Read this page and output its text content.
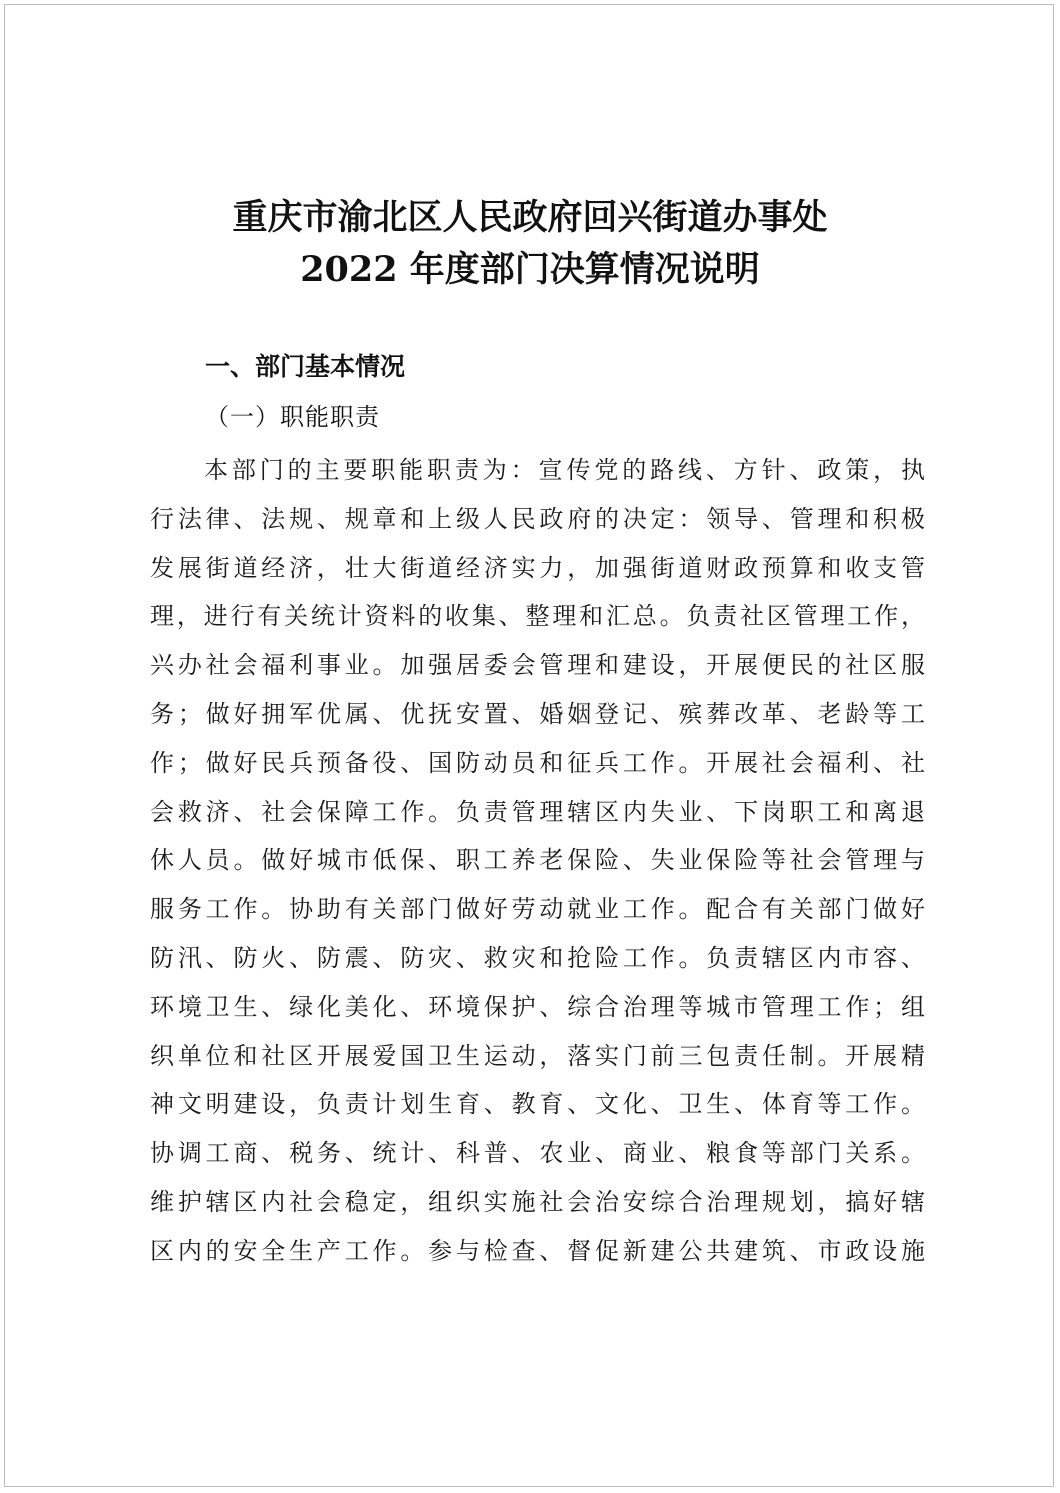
重庆市渝北区人民政府回兴街道办事处
2022 年度部门决算情况说明
一、部门基本情况
（一）职能职责
本部门的主要职能职责为：宣传党的路线、方针、政策，执
行法律、法规、规章和上级人民政府的决定：领导、管理和积极
发展街道经济，壮大街道经济实力，加强街道财政预算和收支管
理，进行有关统计资料的收集、整理和汇总。负责社区管理工作，
兴办社会福利事业。加强居委会管理和建设，开展便民的社区服
务；做好拥军优属、优抚安置、婚姻登记、殡葬改革、老龄等工
作；做好民兵预备役、国防动员和征兵工作。开展社会福利、社
会救济、社会保障工作。负责管理辖区内失业、下岗职工和离退
休人员。做好城市低保、职工养老保险、失业保险等社会管理与
服务工作。协助有关部门做好劳动就业工作。配合有关部门做好
防汛、防火、防震、防灾、救灾和抢险工作。负责辖区内市容、
环境卫生、绿化美化、环境保护、综合治理等城市管理工作；组
织单位和社区开展爱国卫生运动，落实门前三包责任制。开展精
神文明建设，负责计划生育、教育、文化、卫生、体育等工作。
协调工商、税务、统计、科普、农业、商业、粮食等部门关系。
维护辖区内社会稳定，组织实施社会治安综合治理规划，搞好辖
区内的安全生产工作。参与检查、督促新建公共建筑、市政设施
